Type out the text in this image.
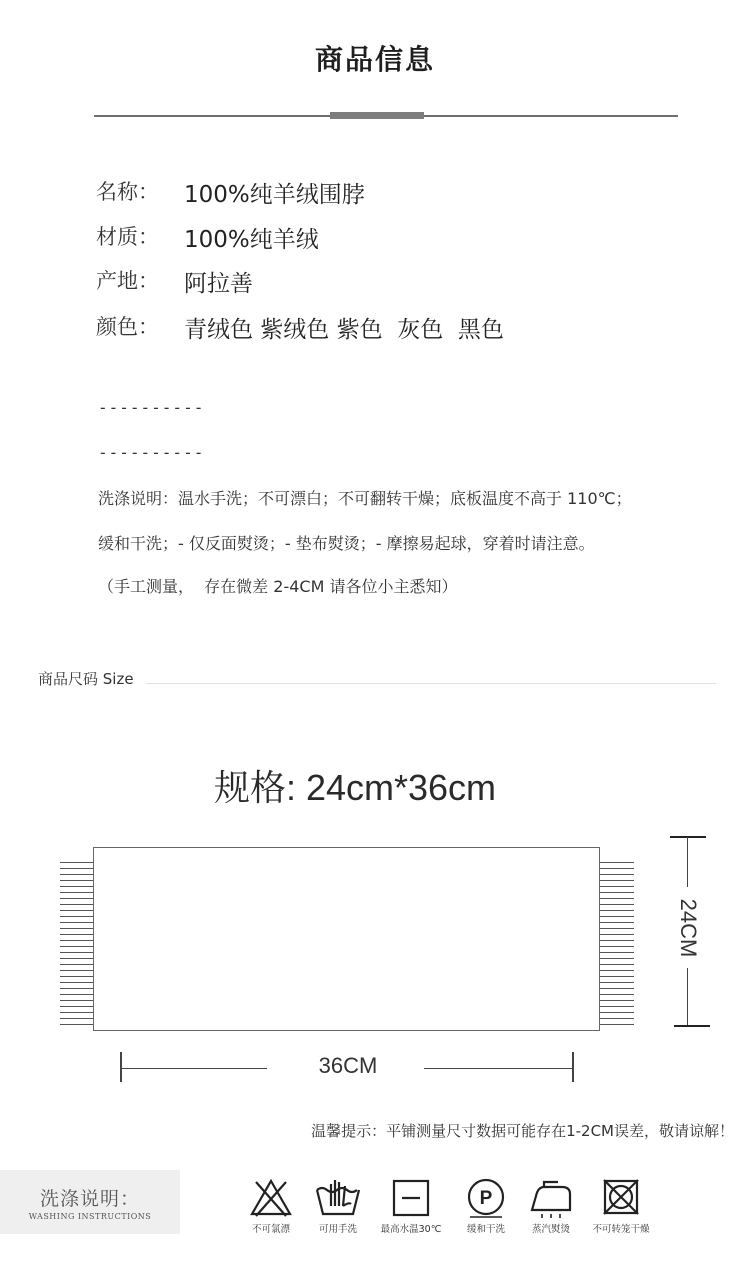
商品信息
名称： 100%纯羊绒围脖
材质： 100%纯羊绒
产地： 阿拉善
颜色： 青绒色 紫绒色 紫色  灰色  黑色
----------
----------
洗涤说明：温水手洗；不可漂白；不可翻转干燥；底板温度不高于 110℃；
缓和干洗；- 仅反面熨烫；- 垫布熨烫；- 摩擦易起球，穿着时请注意。
（手工测量，  存在微差 2-4CM 请各位小主悉知）
商品尺码 Size
规格: 24cm*36cm
36CM
24CM
温馨提示：平铺测量尺寸数据可能存在1-2CM误差，敬请谅解！
洗涤说明：
WASHING INSTRUCTIONS
不可氯漂	可用手洗	最高水温30℃
P
缓和干洗	蒸汽熨烫	不可转笼干燥
